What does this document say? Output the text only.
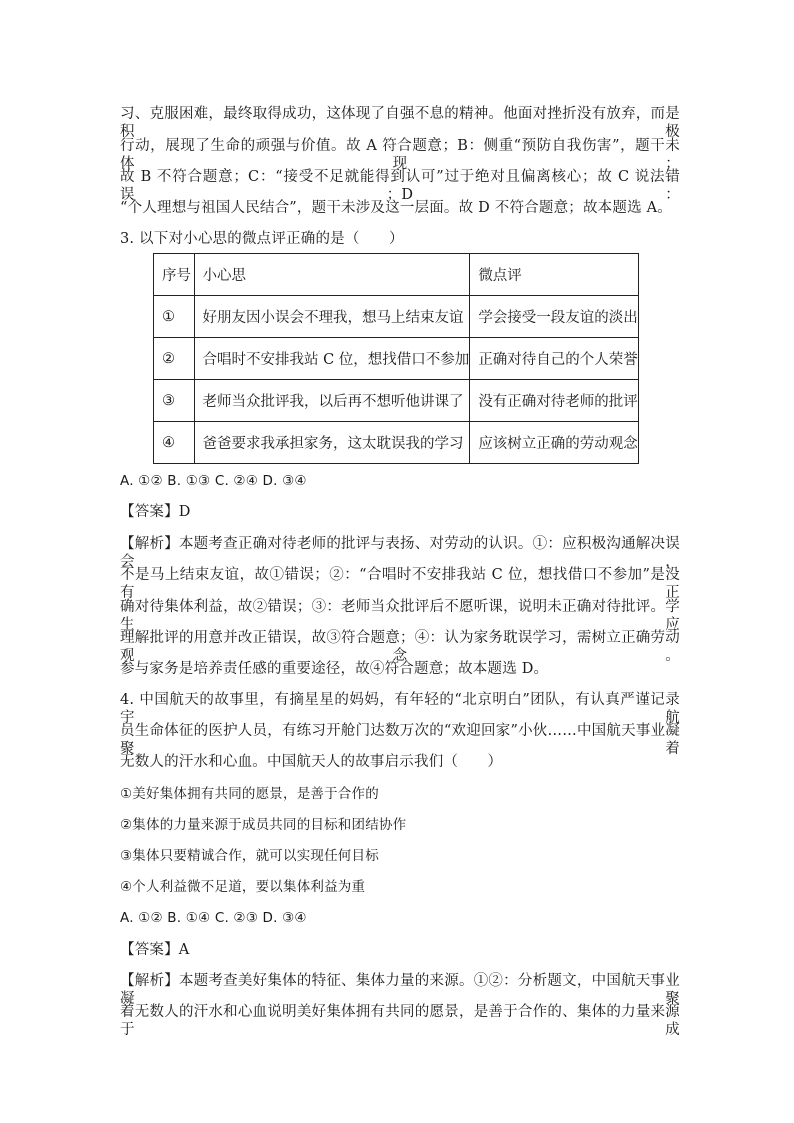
习、克服困难，最终取得成功，这体现了自强不息的精神。他面对挫折没有放弃，而是积极
行动，展现了生命的顽强与价值。故 A 符合题意；B：侧重“预防自我伤害”，题干未体现；
故 B 不符合题意；C：“接受不足就能得到认可”过于绝对且偏离核心；故 C 说法错误；D：
“个人理想与祖国人民结合”，题干未涉及这一层面。故 D 不符合题意；故本题选 A。
3. 以下对小心思的微点评正确的是（　　）
序号	小心思	微点评
①	好朋友因小误会不理我，想马上结束友谊	学会接受一段友谊的淡出
②	合唱时不安排我站 C 位，想找借口不参加	正确对待自己的个人荣誉
③	老师当众批评我，以后再不想听他讲课了	没有正确对待老师的批评
④	爸爸要求我承担家务，这太耽误我的学习	应该树立正确的劳动观念
A. ①② B. ①③ C. ②④ D. ③④
【答案】D
【解析】本题考查正确对待老师的批评与表扬、对劳动的认识。①：应积极沟通解决误会，
不是马上结束友谊，故①错误；②：“合唱时不安排我站 C 位，想找借口不参加”是没有正
确对待集体利益，故②错误；③：老师当众批评后不愿听课，说明未正确对待批评。学生应
理解批评的用意并改正错误，故③符合题意；④：认为家务耽误学习，需树立正确劳动观念。
参与家务是培养责任感的重要途径，故④符合题意；故本题选 D。
4. 中国航天的故事里，有摘星星的妈妈，有年轻的“北京明白”团队，有认真严谨记录宇航
员生命体征的医护人员，有练习开舱门达数万次的“欢迎回家”小伙……中国航天事业凝聚着
无数人的汗水和心血。中国航天人的故事启示我们（　　）
①美好集体拥有共同的愿景，是善于合作的
②集体的力量来源于成员共同的目标和团结协作
③集体只要精诚合作，就可以实现任何目标
④个人利益微不足道，要以集体利益为重
A. ①② B. ①④ C. ②③ D. ③④
【答案】A
【解析】本题考查美好集体的特征、集体力量的来源。①②：分析题文，中国航天事业凝聚
着无数人的汗水和心血说明美好集体拥有共同的愿景，是善于合作的、集体的力量来源于成
